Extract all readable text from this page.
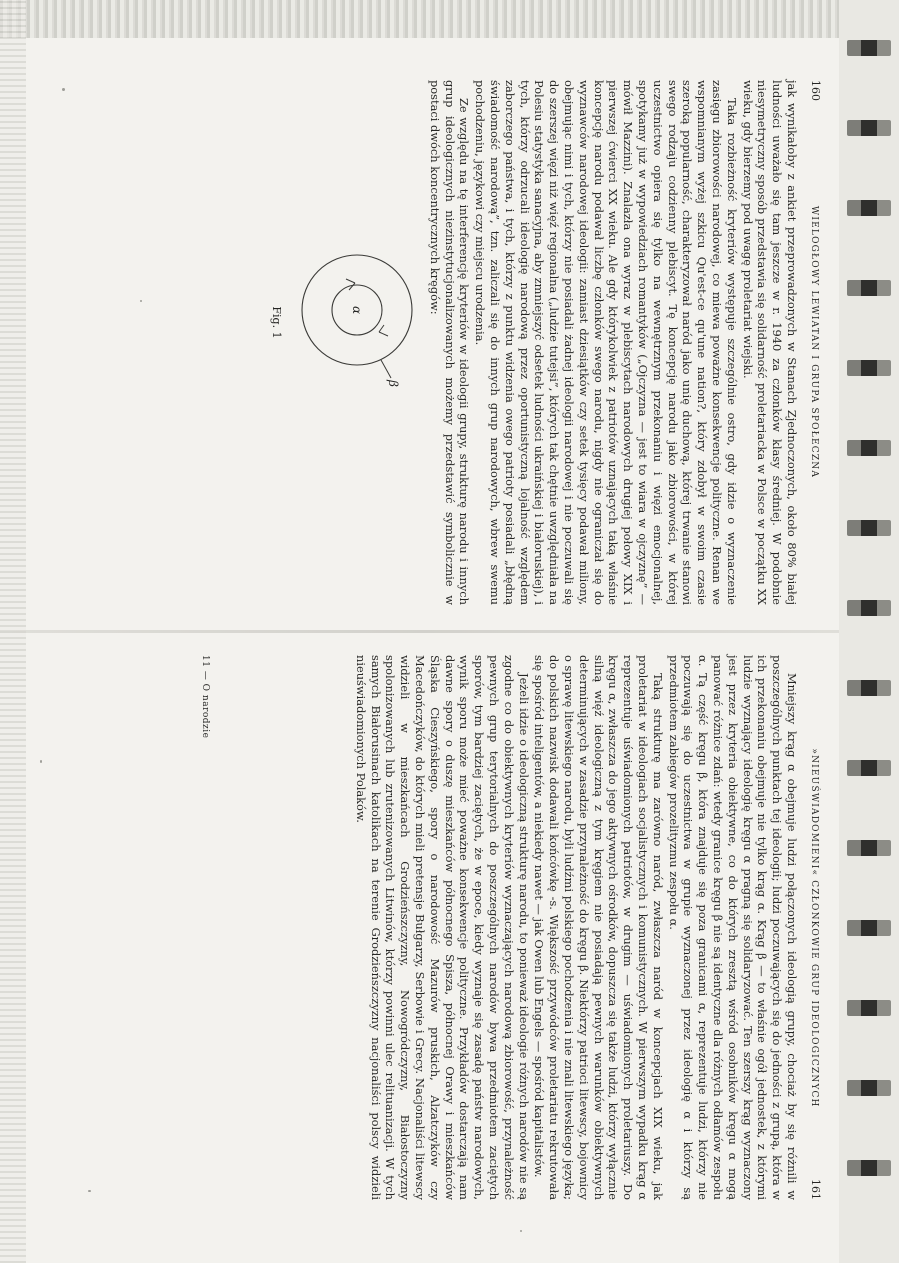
160
WIELOGŁOWY LEWIATAN I GRUPA SPOŁECZNA

jak wynikałoby z ankiet przeprowadzonych w Stanach Zjednoczonych, około 80% białej ludności uważało się tam jeszcze w r. 1940 za członków klasy średniej. W podobnie niesymetryczny sposób przedstawia się solidarność proletariacka w Polsce w początku XX wieku, gdy bierzemy pod uwagę proletariat wiejski.

Taka rozbieżność kryteriów występuje szczególnie ostro, gdy idzie o wyznaczenie zasięgu zbiorowości narodowej, co miewa poważne konsekwencje polityczne. Renan we wspomnianym wyżej szkicu Qu'est-ce qu'une nation?, który zdobył w swoim czasie szeroką popularność, charakteryzował naród jako unię duchową, której trwanie stanowi swego rodzaju codzienny plebiscyt. Tę koncepcję narodu jako zbiorowości, w której uczestnictwo opiera się tylko na wewnętrznym przekonaniu i więzi emocjonalnej, spotykamy już w wypowiedziach romantyków („Ojczyzna — jest to wiara w ojczyznę” — mówił Mazzini). Znalazła ona wyraz w plebiscytach narodowych drugiej połowy XIX i pierwszej ćwierci XX wieku. Ale gdy którykolwiek z patriotów uznających taką właśnie koncepcję narodu podawał liczbę członków swego narodu, nigdy nie ograniczał się do wyznawców narodowej ideologii: zamiast dziesiątków czy setek tysięcy podawał miliony, obejmując nimi i tych, którzy nie posiadali żadnej ideologii narodowej i nie poczuwali się do szerszej więzi niż więź regionalna („ludzie tutejsi”, których tak chętnie uwzględniała na Polesiu statystyka sanacyjna, aby zmniejszyć odsetek ludności ukraińskiej i białoruskiej), i tych, którzy odrzucali ideologię narodową przez oportunistyczną lojalność względem zaborczego państwa, i tych, którzy z punktu widzenia owego patrioty posiadali „błędną świadomość narodową”, tzn. zaliczali się do innych grup narodowych, wbrew swemu pochodzeniu, językowi czy miejscu urodzenia.

Ze względu na tę interferencję kryteriów w ideologii grupy, strukturę narodu i innych grup ideologicznych niezinstytucjonalizowanych możemy przedstawić symbolicznie w postaci dwóch koncentrycznych kręgów:

α
β
Fig. 1
»NIEUŚWIADOMIENI« CZŁONKOWIE GRUP IDEOLOGICZNYCH
161

Mniejszy krąg α obejmuje ludzi połączonych ideologią grupy, chociaż by się różnili w poszczególnych punktach tej ideologii; ludzi poczuwających się do jedności z grupą, która w ich przekonaniu obejmuje nie tylko krąg α. Krąg β — to właśnie ogół jednostek, z którymi ludzie wyznający ideologię kręgu α pragną się solidaryzować. Ten szerszy krąg wyznaczony jest przez kryteria obiektywne, co do których zresztą wśród osobników kręgu α mogą panować różnice zdań: wtedy granice kręgu β nie są identyczne dla różnych odłamów zespołu α. Tą część kręgu β, która znajduje się poza granicami α, reprezentuje ludzi, którzy nie poczuwają się do uczestnictwa w grupie wyznaczonej przez ideologię α i którzy są przedmiotem zabiegów prozelityzmu zespołu α.

Taką strukturę ma zarówno naród, zwłaszcza naród w koncepcjach XIX wieku, jak proletariat w ideologiach socjalistycznych i komunistycznych. W pierwszym wypadku krąg α reprezentuje uświadomionych patriotów, w drugim — uświadomionych proletariuszy. Do kręgu α, zwłaszcza do jego aktywnych ośrodków, dopuszcza się także ludzi, którzy wyłącznie silną więź ideologiczną z tym kręgiem nie posiadają pewnych warunków obiektywnych determinujących w zasadzie przynależność do kręgu β. Niektórzy patrioci litewscy, bojownicy o sprawę litewskiego narodu, byli ludźmi polskiego pochodzenia i nie znali litewskiego języka; do polskich nazwisk dodawali końcówkę -s. Większość przywódców proletariatu rekrutowała się spośród inteligentów, a niekiedy nawet — jak Owen lub Engels — spośród kapitalistów.

Jeżeli idzie o ideologiczną strukturę narodu, to ponieważ ideologie różnych narodów nie są zgodne co do obiektywnych kryteriów wyznaczających narodową zbiorowość, przynależność pewnych grup terytorialnych do poszczególnych narodów bywa przedmiotem zaciętych sporów, tym bardziej zaciętych, że w epoce, kiedy wyznaje się zasadę państw narodowych, wynik sporu może mieć poważne konsekwencje polityczne. Przykładów dostarczają nam dawne spory o duszę mieszkańców północnego Spisza, północnej Orawy i mieszkańców Śląska Cieszyńskiego, spory o narodowość Mazurów pruskich, Alzatczyków czy Macedończyków, do których mieli pretensje Bułgarzy, Serbowie i Grecy. Nacjonaliści litewscy widzieli w mieszkańcach Grodzieńszczyzny, Nowogródczyzny, Białostoczyzny spolonizowanych lub zrutenizowanych Litwinów, którzy powinni ulec relituanizacji. W tych samych Białorusinach katolikach na terenie Grodzieńszczyzny nacjonaliści polscy widzieli nieuświadomionych Polaków.

11 — O narodzie
